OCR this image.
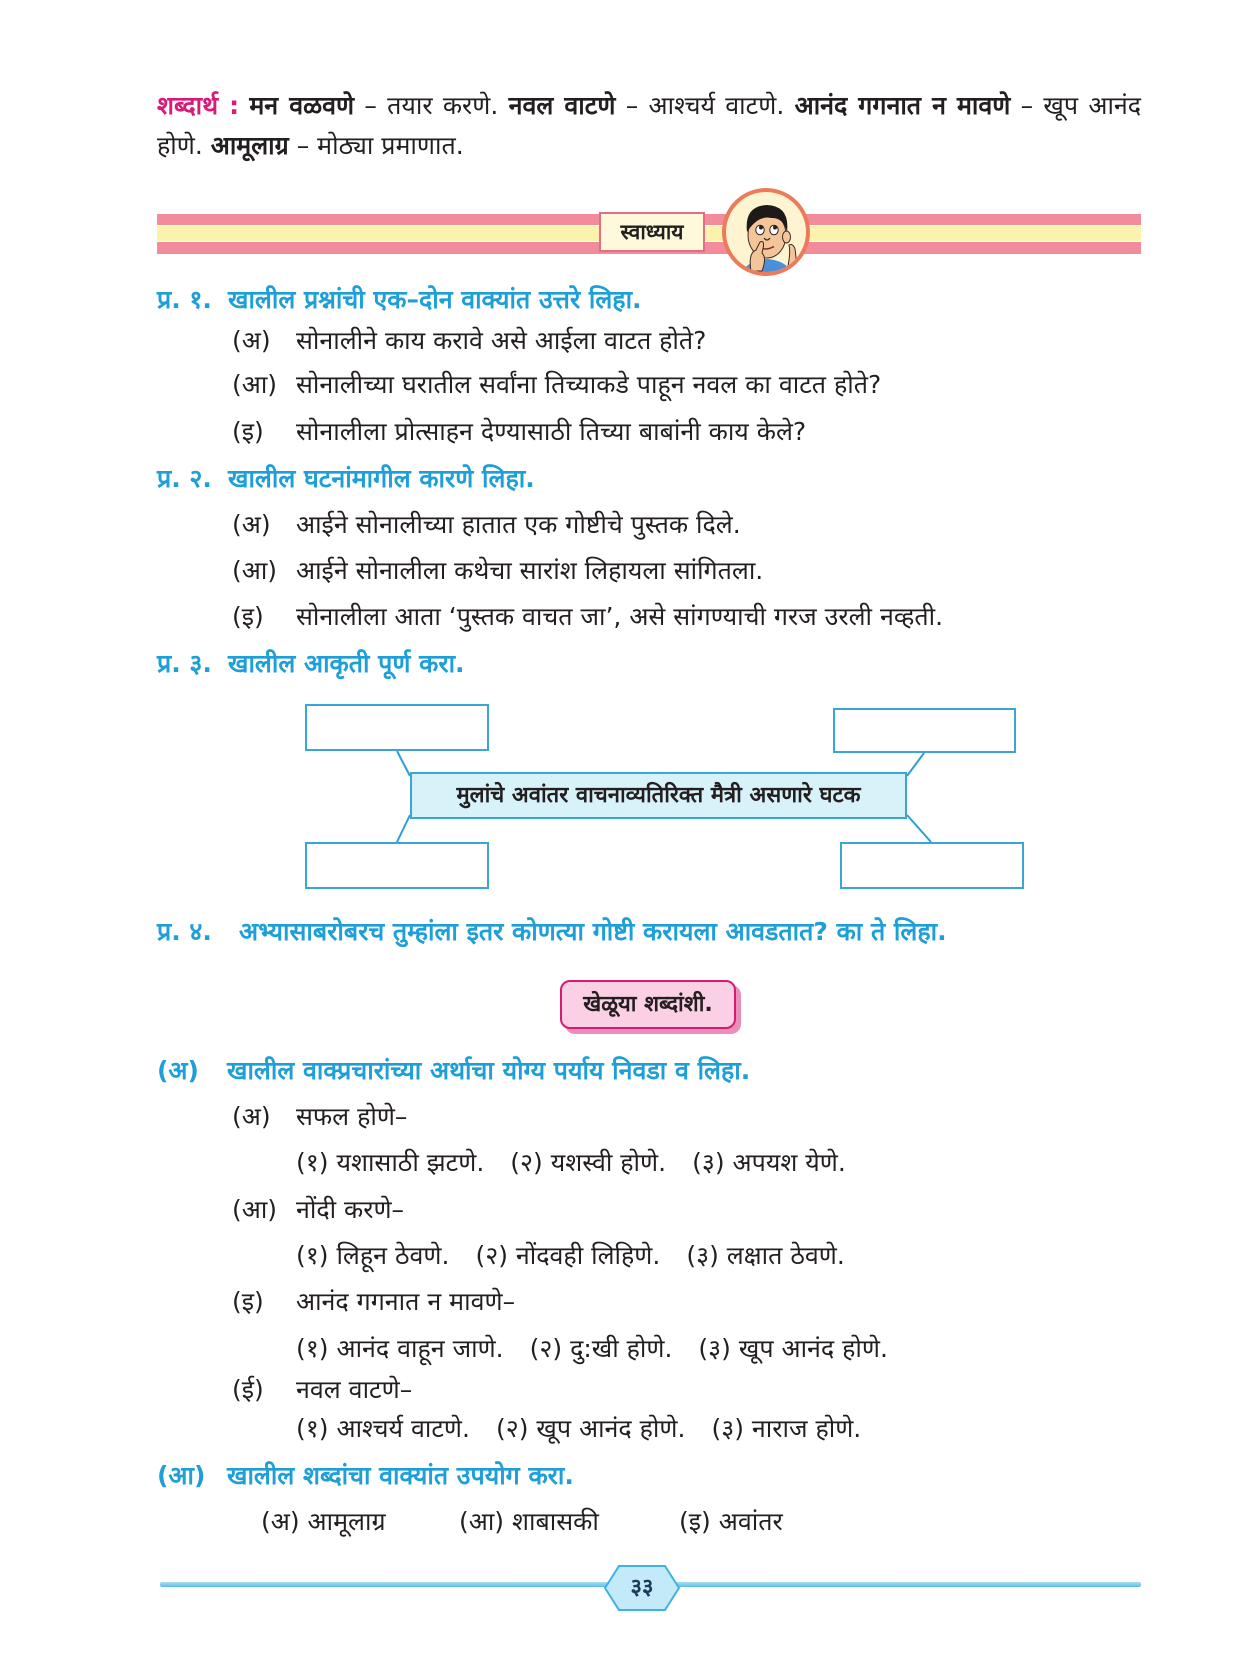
शब्दार्थ : मन वळवणे – तयार करणे. नवल वाटणे – आश्चर्य वाटणे. आनंद गगनात न मावणे – खूप आनंद होणे. आमूलाग्र – मोठ्या प्रमाणात.

स्वाध्याय
प्र. १. खालील प्रश्नांची एक–दोन वाक्यांत उत्तरे लिहा.
(अ)	सोनालीने काय करावे असे आईला वाटत होते?
(आ) सोनालीच्या घरातील सर्वांना तिच्याकडे पाहून नवल का वाटत होते?
(इ)	सोनालीला प्रोत्साहन देण्यासाठी तिच्या बाबांनी काय केले?
प्र. २. खालील घटनांमागील कारणे लिहा.
(अ)	आईने सोनालीच्या हातात एक गोष्टीचे पुस्तक दिले.
(आ) आईने सोनालीला कथेचा सारांश लिहायला सांगितला.
(इ)	सोनालीला आता ‘पुस्तक वाचत जा’, असे सांगण्याची गरज उरली नव्हती.
प्र. ३. खालील आकृती पूर्ण करा.
मुलांचे अवांतर वाचनाव्यतिरिक्त मैत्री असणारे घटक
प्र. ४.	अभ्यासाबरोबरच तुम्हांला इतर कोणत्या गोष्टी करायला आवडतात? का ते लिहा.
खेळूया शब्दांशी.
(अ)	खालील वाक्प्रचारांच्या अर्थाचा योग्य पर्याय निवडा व लिहा.
(अ)	सफल होणे–
(१) यशासाठी झटणे. (२) यशस्वी होणे. (३) अपयश येणे.
(आ) नोंदी करणे–
(१) लिहून ठेवणे. (२) नोंदवही लिहिणे. (३) लक्षात ठेवणे.
(इ)	आनंद गगनात न मावणे–
(१) आनंद वाहून जाणे. (२) दु:खी होणे. (३) खूप आनंद होणे.
(ई)	नवल वाटणे–
(१) आश्चर्य वाटणे. (२) खूप आनंद होणे. (३) नाराज होणे.
(आ) खालील शब्दांचा वाक्यांत उपयोग करा.
(अ) आमूलाग्र	(आ) शाबासकी	(इ) अवांतर
३३
